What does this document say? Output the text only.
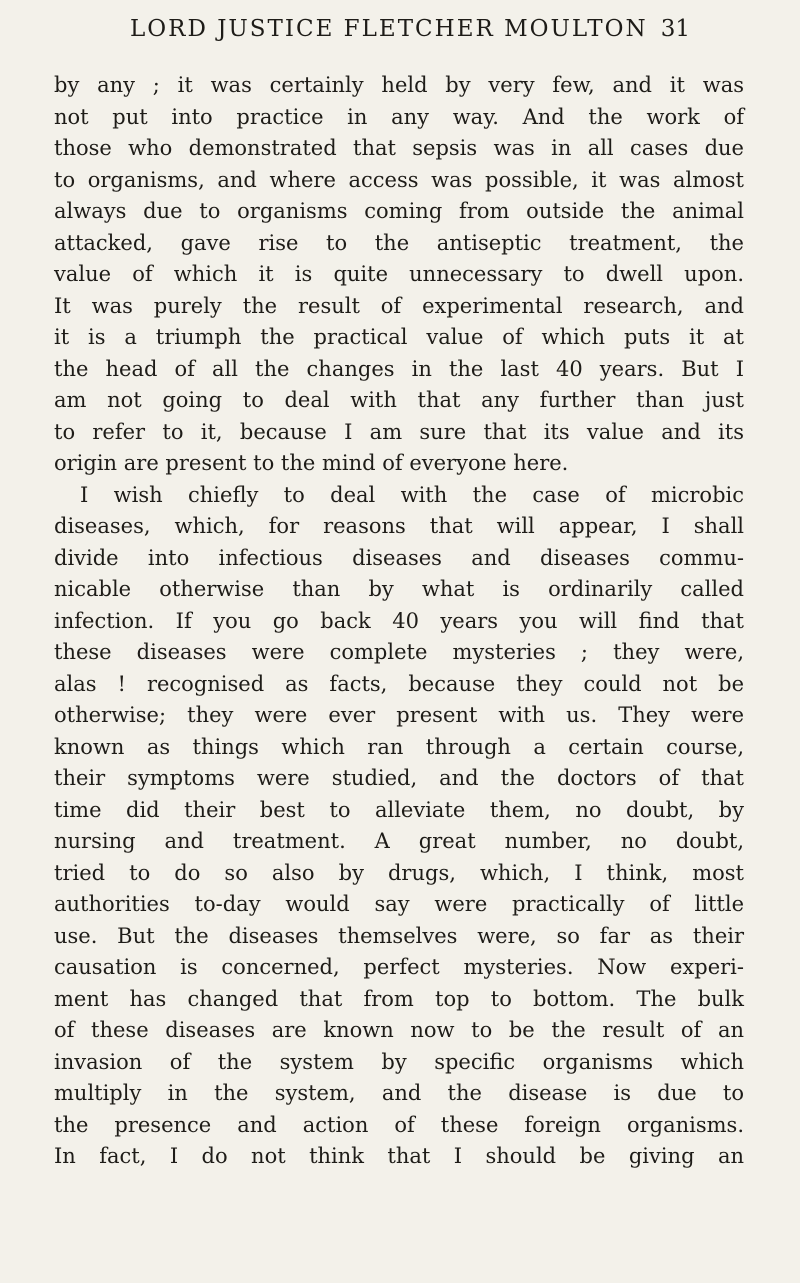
LORD JUSTICE FLETCHER MOULTON 31
by any ; it was certainly held by very few, and it was
not put into practice in any way. And the work of
those who demonstrated that sepsis was in all cases due
to organisms, and where access was possible, it was almost
always due to organisms coming from outside the animal
attacked, gave rise to the antiseptic treatment, the
value of which it is quite unnecessary to dwell upon.
It was purely the result of experimental research, and
it is a triumph the practical value of which puts it at
the head of all the changes in the last 40 years. But I
am not going to deal with that any further than just
to refer to it, because I am sure that its value and its
origin are present to the mind of everyone here.
I wish chiefly to deal with the case of microbic
diseases, which, for reasons that will appear, I shall
divide into infectious diseases and diseases commu-
nicable otherwise than by what is ordinarily called
infection. If you go back 40 years you will find that
these diseases were complete mysteries ; they were,
alas ! recognised as facts, because they could not be
otherwise; they were ever present with us. They were
known as things which ran through a certain course,
their symptoms were studied, and the doctors of that
time did their best to alleviate them, no doubt, by
nursing and treatment. A great number, no doubt,
tried to do so also by drugs, which, I think, most
authorities to-day would say were practically of little
use. But the diseases themselves were, so far as their
causation is concerned, perfect mysteries. Now experi-
ment has changed that from top to bottom. The bulk
of these diseases are known now to be the result of an
invasion of the system by specific organisms which
multiply in the system, and the disease is due to
the presence and action of these foreign organisms.
In fact, I do not think that I should be giving an
